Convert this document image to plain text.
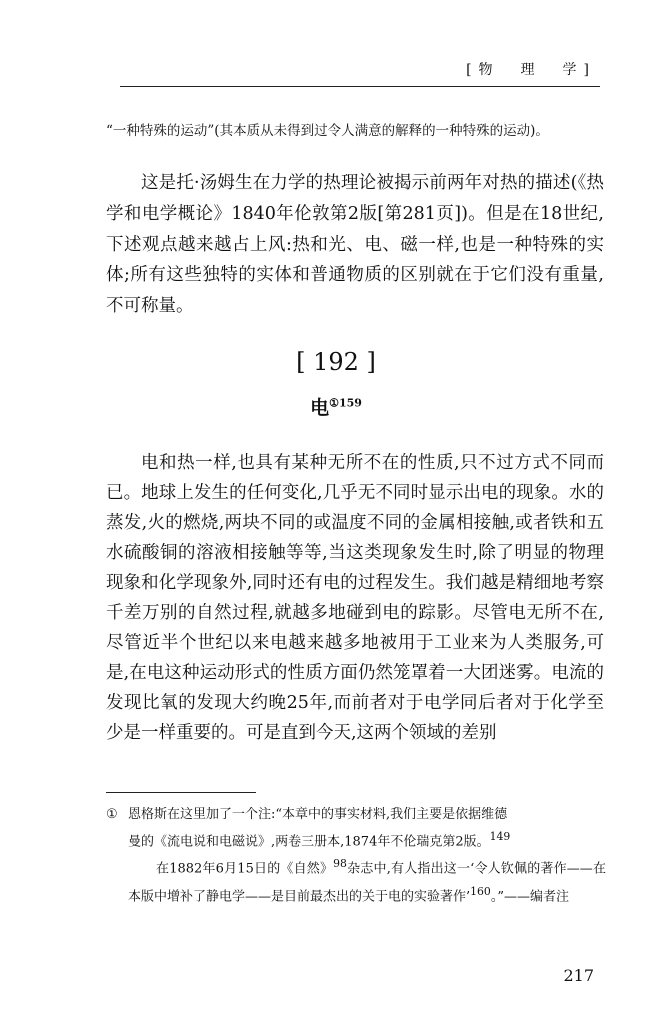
[物　理　学]
“一种特殊的运动”(其本质从未得到过令人满意的解释的一种特殊的运动)。
这是托·汤姆生在力学的热理论被揭示前两年对热的描述(《热学和电学概论》1840年伦敦第2版[第281页])。但是在18世纪,下述观点越来越占上风:热和光、电、磁一样,也是一种特殊的实体;所有这些独特的实体和普通物质的区别就在于它们没有重量,不可称量。
[ 192 ]
电$^{①159}$
电和热一样,也具有某种无所不在的性质,只不过方式不同而已。地球上发生的任何变化,几乎无不同时显示出电的现象。水的蒸发,火的燃烧,两块不同的或温度不同的金属相接触,或者铁和五水硫酸铜的溶液相接触等等,当这类现象发生时,除了明显的物理现象和化学现象外,同时还有电的过程发生。我们越是精细地考察千差万别的自然过程,就越多地碰到电的踪影。尽管电无所不在,尽管近半个世纪以来电越来越多地被用于工业来为人类服务,可是,在电这种运动形式的性质方面仍然笼罩着一大团迷雾。电流的发现比氧的发现大约晚25年,而前者对于电学同后者对于化学至少是一样重要的。可是直到今天,这两个领域的差别
① 恩格斯在这里加了一个注:“本章中的事实材料,我们主要是依据维德
曼的《流电说和电磁说》,两卷三册本,1874年不伦瑞克第2版。$^{149}$
在1882年6月15日的《自然》$^{98}$杂志中,有人指出这一‘令人钦佩的著作——在本版中增补了静电学——是目前最杰出的关于电的实验著作’$^{160}$。”——编者注
217
